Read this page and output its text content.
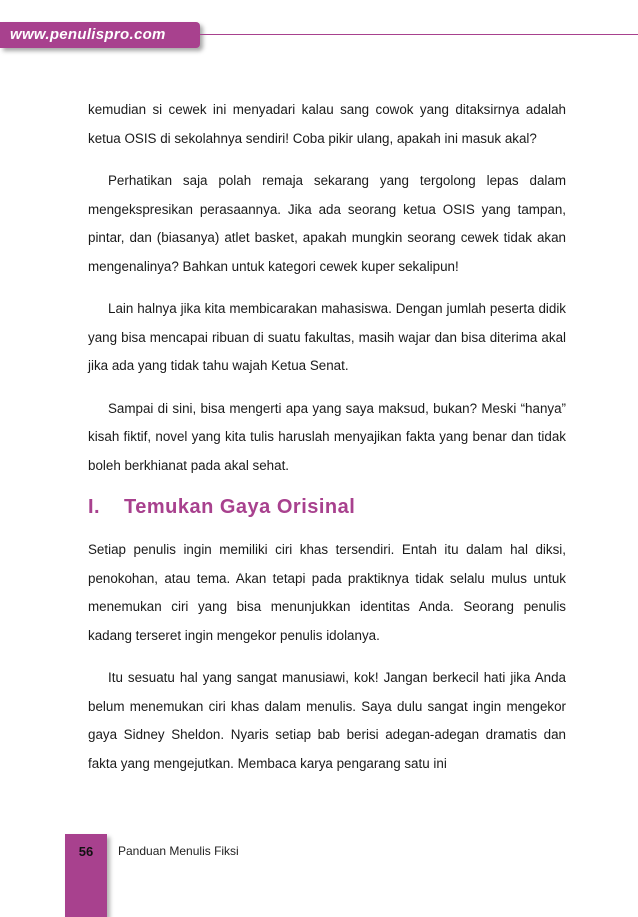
www.penulispro.com

kemudian si cewek ini menyadari kalau sang cowok yang ditaksirnya adalah ketua OSIS di sekolahnya sendiri! Coba pikir ulang, apakah ini masuk akal?

Perhatikan saja polah remaja sekarang yang tergolong lepas dalam mengekspresikan perasaannya. Jika ada seorang ketua OSIS yang tampan, pintar, dan (biasanya) atlet basket, apakah mungkin seorang cewek tidak akan mengenalinya? Bahkan untuk kategori cewek kuper sekalipun!

Lain halnya jika kita membicarakan mahasiswa. Dengan jumlah peserta didik yang bisa mencapai ribuan di suatu fakultas, masih wajar dan bisa diterima akal jika ada yang tidak tahu wajah Ketua Senat.

Sampai di sini, bisa mengerti apa yang saya maksud, bukan? Meski “hanya” kisah fiktif, novel yang kita tulis haruslah menyajikan fakta yang benar dan tidak boleh berkhianat pada akal sehat.

I. Temukan Gaya Orisinal

Setiap penulis ingin memiliki ciri khas tersendiri. Entah itu dalam hal diksi, penokohan, atau tema. Akan tetapi pada praktiknya tidak selalu mulus untuk menemukan ciri yang bisa menunjukkan identitas Anda. Seorang penulis kadang terseret ingin mengekor penulis idolanya.

Itu sesuatu hal yang sangat manusiawi, kok! Jangan berkecil hati jika Anda belum menemukan ciri khas dalam menulis. Saya dulu sangat ingin mengekor gaya Sidney Sheldon. Nyaris setiap bab berisi adegan-adegan dramatis dan fakta yang mengejutkan. Membaca karya pengarang satu ini

56	Panduan Menulis Fiksi
